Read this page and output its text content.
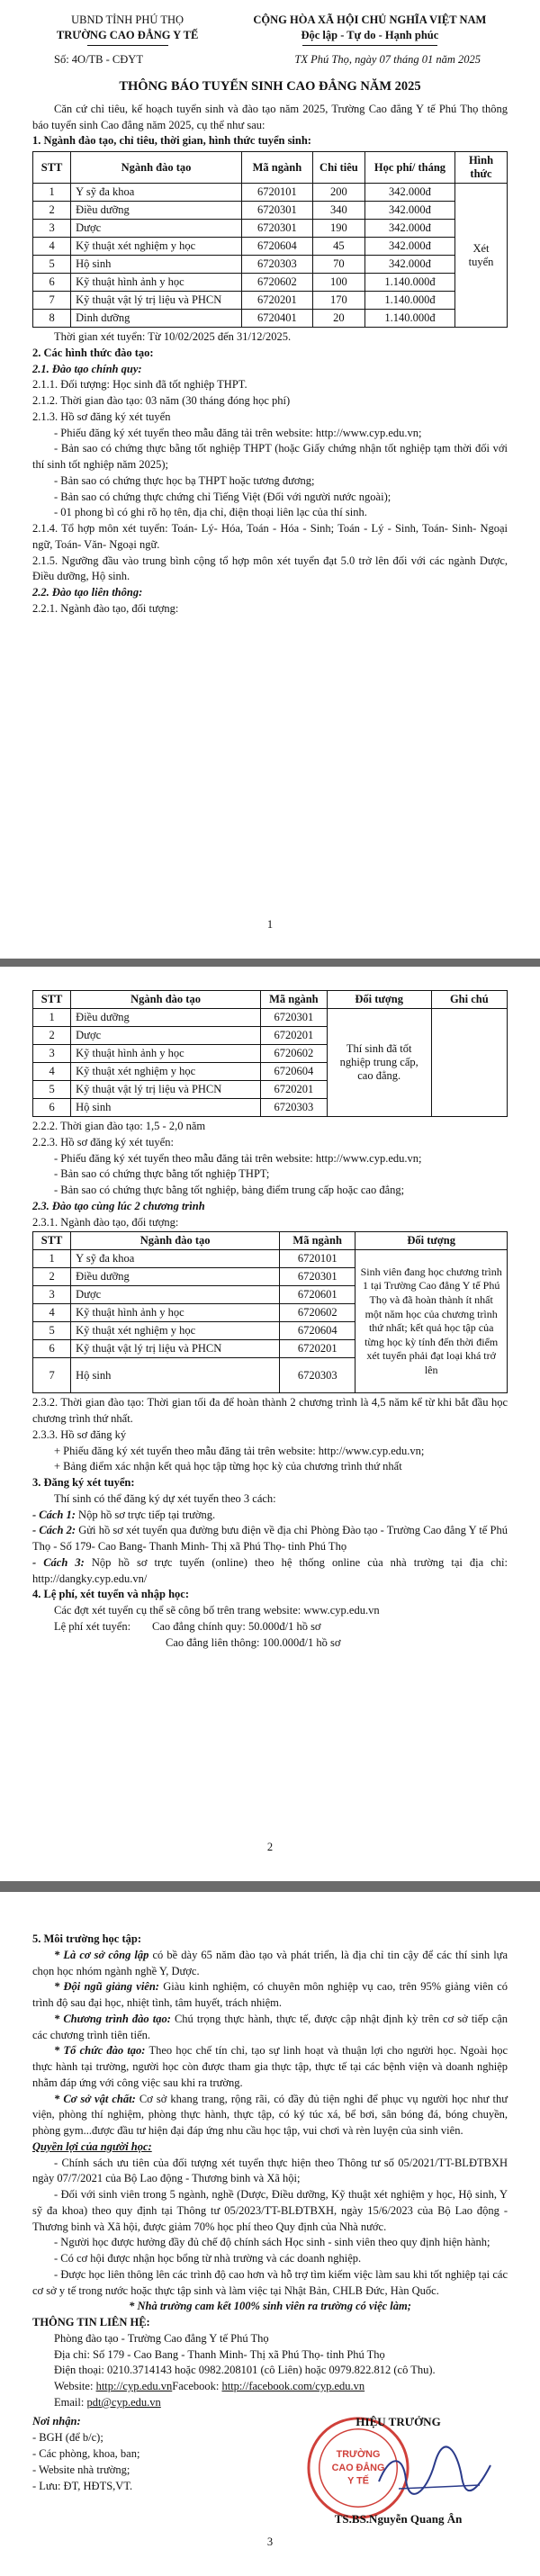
UBND TỈNH PHÚ THỌ

TRƯỜNG CAO ĐẲNG Y TẾ

CỘNG HÒA XÃ HỘI CHỦ NGHĨA VIỆT NAM

Độc lập - Tự do - Hạnh phúc

Số: 4O/TB - CĐYT	TX Phú Thọ, ngày 07 tháng 01 năm 2025

THÔNG BÁO TUYỂN SINH CAO ĐẲNG NĂM 2025

Căn cứ chỉ tiêu, kế hoạch tuyển sinh và đào tạo năm 2025, Trường Cao đẳng Y tế Phú Thọ thông báo tuyển sinh Cao đẳng năm 2025, cụ thể như sau:

1. Ngành đào tạo, chỉ tiêu, thời gian, hình thức tuyển sinh:

STT	Ngành đào tạo	Mã ngành	Chỉ tiêu	Học phí/ tháng	Hình thức
1	Y sỹ đa khoa	6720101	200	342.000đ	Xét tuyển
2	Điều dưỡng	6720301	340	342.000đ	
3	Dược	6720301	190	342.000đ	
4	Kỹ thuật xét nghiệm y học	6720604	45	342.000đ	
5	Hộ sinh	6720303	70	342.000đ	
6	Kỹ thuật hình ảnh y học	6720602	100	1.140.000đ	
7	Kỹ thuật vật lý trị liệu và PHCN	6720201	170	1.140.000đ	
8	Dinh dưỡng	6720401	20	1.140.000đ	

Thời gian xét tuyển: Từ 10/02/2025 đến 31/12/2025.

2. Các hình thức đào tạo:

2.1. Đào tạo chính quy:

2.1.1. Đối tượng: Học sinh đã tốt nghiệp THPT.

2.1.2. Thời gian đào tạo: 03 năm (30 tháng đóng học phí)

2.1.3. Hồ sơ đăng ký xét tuyển

- Phiếu đăng ký xét tuyển theo mẫu đăng tải trên website: http://www.cyp.edu.vn;

- Bản sao có chứng thực bằng tốt nghiệp THPT (hoặc Giấy chứng nhận tốt nghiệp tạm thời đối với thí sinh tốt nghiệp năm 2025);

- Bản sao có chứng thực học bạ THPT hoặc tương đương;

- Bản sao có chứng thực chứng chỉ Tiếng Việt (Đối với người nước ngoài);

- 01 phong bì có ghi rõ họ tên, địa chỉ, điện thoại liên lạc của thí sinh.

2.1.4. Tổ hợp môn xét tuyển: Toán- Lý- Hóa, Toán - Hóa - Sinh; Toán - Lý - Sinh, Toán- Sinh- Ngoại ngữ, Toán- Văn- Ngoại ngữ.

2.1.5. Ngưỡng đầu vào trung bình cộng tổ hợp môn xét tuyển đạt 5.0 trở lên đối với các ngành Dược, Điều dưỡng, Hộ sinh.

2.2. Đào tạo liên thông:

2.2.1. Ngành đào tạo, đối tượng:

1
STT	Ngành đào tạo	Mã ngành	Đối tượng	Ghi chú
1	Điều dưỡng	6720301	Thí sinh đã tốt nghiệp trung cấp, cao đẳng.	
2	Dược	6720201		
3	Kỹ thuật hình ảnh y học	6720602		
4	Kỹ thuật xét nghiệm y học	6720604		
5	Kỹ thuật vật lý trị liệu và PHCN	6720201		
6	Hộ sinh	6720303		

2.2.2. Thời gian đào tạo: 1,5 - 2,0 năm

2.2.3. Hồ sơ đăng ký xét tuyển:

- Phiếu đăng ký xét tuyển theo mẫu đăng tải trên website: http://www.cyp.edu.vn;

- Bản sao có chứng thực bằng tốt nghiệp THPT;

- Bản sao có chứng thực bằng tốt nghiệp, bảng điểm trung cấp hoặc cao đẳng;

2.3. Đào tạo cùng lúc 2 chương trình

2.3.1. Ngành đào tạo, đối tượng:

STT	Ngành đào tạo	Mã ngành	Đối tượng
1	Y sỹ đa khoa	6720101	Sinh viên đang học chương trình 1 tại Trường Cao đẳng Y tế Phú Thọ và đã hoàn thành ít nhất một năm học của chương trình thứ nhất; kết quả học tập của từng học kỳ tính đến thời điểm xét tuyển phải đạt loại khá trở lên
2	Điều dưỡng	6720301	
3	Dược	6720601	
4	Kỹ thuật hình ảnh y học	6720602	
5	Kỹ thuật xét nghiệm y học	6720604	
6	Kỹ thuật vật lý trị liệu và PHCN	6720201	
7	Hộ sinh	6720303	

2.3.2. Thời gian đào tạo: Thời gian tối đa để hoàn thành 2 chương trình là 4,5 năm kể từ khi bắt đầu học chương trình thứ nhất.

2.3.3. Hồ sơ đăng ký

+ Phiếu đăng ký xét tuyển theo mẫu đăng tải trên website: http://www.cyp.edu.vn;

+ Bảng điểm xác nhận kết quả học tập từng học kỳ của chương trình thứ nhất

3. Đăng ký xét tuyển:

Thí sinh có thể đăng ký dự xét tuyển theo 3 cách:

- Cách 1: Nộp hồ sơ trực tiếp tại trường.

- Cách 2: Gửi hồ sơ xét tuyển qua đường bưu điện về địa chỉ Phòng Đào tạo - Trường Cao đẳng Y tế Phú Thọ - Số 179- Cao Bang- Thanh Minh- Thị xã Phú Thọ- tỉnh Phú Thọ

- Cách 3: Nộp hồ sơ trực tuyến (online) theo hệ thống online của nhà trường tại địa chỉ: http://dangky.cyp.edu.vn/

4. Lệ phí, xét tuyển và nhập học:

Các đợt xét tuyển cụ thể sẽ công bố trên trang website: www.cyp.edu.vn

Lệ phí xét tuyển: Cao đẳng chính quy: 50.000đ/1 hồ sơ

Cao đẳng liên thông: 100.000đ/1 hồ sơ

2

5. Môi trường học tập:

* Là cơ sở công lập có bề dày 65 năm đào tạo và phát triển, là địa chỉ tin cậy để các thí sinh lựa chọn học nhóm ngành nghề Y, Dược.

* Đội ngũ giảng viên: Giàu kinh nghiệm, có chuyên môn nghiệp vụ cao, trên 95% giảng viên có trình độ sau đại học, nhiệt tình, tâm huyết, trách nhiệm.

* Chương trình đào tạo: Chú trọng thực hành, thực tế, được cập nhật định kỳ trên cơ sở tiếp cận các chương trình tiên tiến.

* Tổ chức đào tạo: Theo học chế tín chỉ, tạo sự linh hoạt và thuận lợi cho người học. Ngoài học thực hành tại trường, người học còn được tham gia thực tập, thực tế tại các bệnh viện và doanh nghiệp nhằm đáp ứng với công việc sau khi ra trường.

* Cơ sở vật chất: Cơ sở khang trang, rộng rãi, có đầy đủ tiện nghi để phục vụ người học như thư viện, phòng thí nghiệm, phòng thực hành, thực tập, có ký túc xá, bể bơi, sân bóng đá, bóng chuyền, phòng gym...được đầu tư hiện đại đáp ứng nhu cầu học tập, vui chơi và rèn luyện của sinh viên.

Quyền lợi của người học:

- Chính sách ưu tiên của đối tượng xét tuyển thực hiện theo Thông tư số 05/2021/TT-BLĐTBXH ngày 07/7/2021 của Bộ Lao động - Thương binh và Xã hội;

- Đối với sinh viên trong 5 ngành, nghề (Dược, Điều dưỡng, Kỹ thuật xét nghiệm y học, Hộ sinh, Y sỹ đa khoa) theo quy định tại Thông tư 05/2023/TT-BLĐTBXH, ngày 15/6/2023 của Bộ Lao động - Thương binh và Xã hội, được giảm 70% học phí theo Quy định của Nhà nước.

- Người học được hưởng đầy đủ chế độ chính sách Học sinh - sinh viên theo quy định hiện hành;

- Có cơ hội được nhận học bổng từ nhà trường và các doanh nghiệp.

- Được học liên thông lên các trình độ cao hơn và hỗ trợ tìm kiếm việc làm sau khi tốt nghiệp tại các cơ sở y tế trong nước hoặc thực tập sinh và làm việc tại Nhật Bản, CHLB Đức, Hàn Quốc.

* Nhà trường cam kết 100% sinh viên ra trường có việc làm;

THÔNG TIN LIÊN HỆ:

Phòng đào tạo - Trường Cao đẳng Y tế Phú Thọ

Địa chỉ: Số 179 - Cao Bang - Thanh Minh- Thị xã Phú Thọ- tỉnh Phú Thọ

Điện thoại: 0210.3714143 hoặc 0982.208101 (cô Liên) hoặc 0979.822.812 (cô Thu).

Website: http://cyp.edu.vnFacebook: http://facebook.com/cyp.edu.vn

Email: pdt@cyp.edu.vn

Nơi nhận:

- BGH (để b/c);

- Các phòng, khoa, ban;

- Website nhà trường;

- Lưu: ĐT, HĐTS,VT.

TRƯỜNG
CAO ĐẲNG
Y TẾ

HIỆU TRƯỞNG

TS.BS.Nguyễn Quang Ân

3
